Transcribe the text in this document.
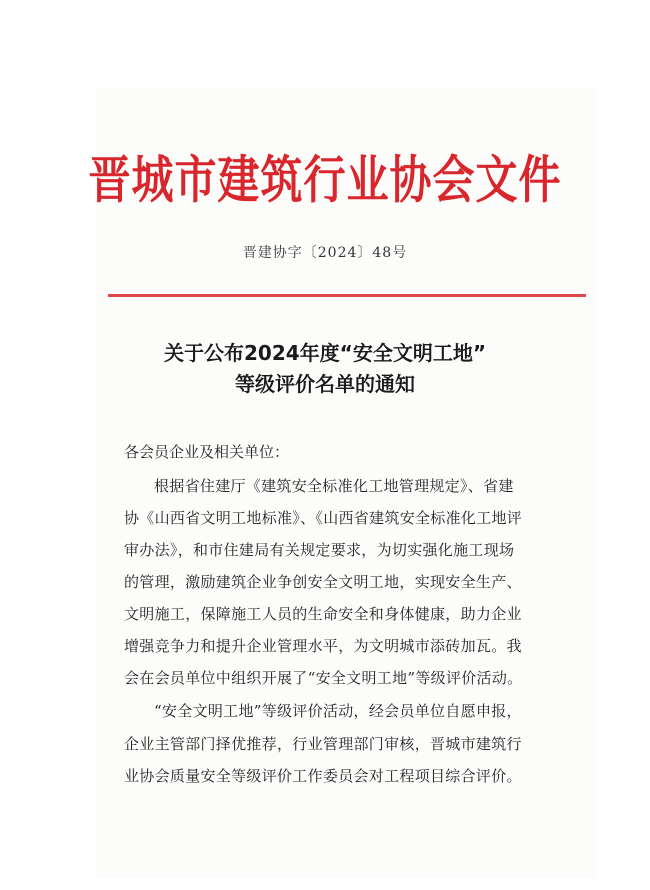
晋城市建筑行业协会文件
晋建协字〔2024〕48号
关于公布2024年度“安全文明工地”
等级评价名单的通知
各会员企业及相关单位：
根据省住建厅《建筑安全标准化工地管理规定》、省建
协《山西省文明工地标准》、《山西省建筑安全标准化工地评
审办法》，和市住建局有关规定要求，为切实强化施工现场
的管理，激励建筑企业争创安全文明工地，实现安全生产、
文明施工，保障施工人员的生命安全和身体健康，助力企业
增强竞争力和提升企业管理水平，为文明城市添砖加瓦。我
会在会员单位中组织开展了“安全文明工地”等级评价活动。
“安全文明工地”等级评价活动，经会员单位自愿申报，
企业主管部门择优推荐，行业管理部门审核，晋城市建筑行
业协会质量安全等级评价工作委员会对工程项目综合评价。
